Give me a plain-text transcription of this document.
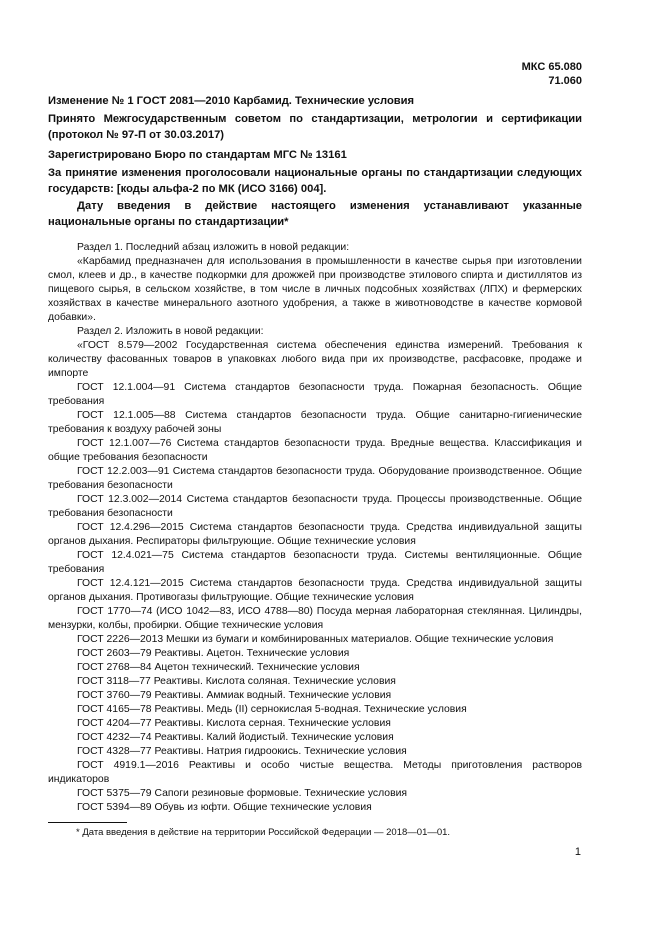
МКС 65.080
71.060
Изменение № 1 ГОСТ 2081—2010 Карбамид. Технические условия
Принято Межгосударственным советом по стандартизации, метрологии и сертификации (протокол № 97-П от 30.03.2017)
Зарегистрировано Бюро по стандартам МГС № 13161
За принятие изменения проголосовали национальные органы по стандартизации следующих государств: [коды альфа-2 по МК (ИСО 3166) 004].
Дату введения в действие настоящего изменения устанавливают указанные национальные органы по стандартизации*

Раздел 1. Последний абзац изложить в новой редакции:

«Карбамид предназначен для использования в промышленности в качестве сырья при изготовлении смол, клеев и др., в качестве подкормки для дрожжей при производстве этилового спирта и дистиллятов из пищевого сырья, в сельском хозяйстве, в том числе в личных подсобных хозяйствах (ЛПХ) и фермерских хозяйствах в качестве минерального азотного удобрения, а также в животноводстве в качестве кормовой добавки».

Раздел 2. Изложить в новой редакции:

«ГОСТ 8.579—2002 Государственная система обеспечения единства измерений. Требования к количеству фасованных товаров в упаковках любого вида при их производстве, расфасовке, продаже и импорте

ГОСТ 12.1.004—91 Система стандартов безопасности труда. Пожарная безопасность. Общие требования

ГОСТ 12.1.005—88 Система стандартов безопасности труда. Общие санитарно-гигиенические требования к воздуху рабочей зоны

ГОСТ 12.1.007—76 Система стандартов безопасности труда. Вредные вещества. Классификация и общие требования безопасности

ГОСТ 12.2.003—91 Система стандартов безопасности труда. Оборудование производственное. Общие требования безопасности

ГОСТ 12.3.002—2014 Система стандартов безопасности труда. Процессы производственные. Общие требования безопасности

ГОСТ 12.4.296—2015 Система стандартов безопасности труда. Средства индивидуальной защиты органов дыхания. Респираторы фильтрующие. Общие технические условия

ГОСТ 12.4.021—75 Система стандартов безопасности труда. Системы вентиляционные. Общие требования

ГОСТ 12.4.121—2015 Система стандартов безопасности труда. Средства индивидуальной защиты органов дыхания. Противогазы фильтрующие. Общие технические условия

ГОСТ 1770—74 (ИСО 1042—83, ИСО 4788—80) Посуда мерная лабораторная стеклянная. Цилиндры, мензурки, колбы, пробирки. Общие технические условия

ГОСТ 2226—2013 Мешки из бумаги и комбинированных материалов. Общие технические условия

ГОСТ 2603—79 Реактивы. Ацетон. Технические условия

ГОСТ 2768—84 Ацетон технический. Технические условия

ГОСТ 3118—77 Реактивы. Кислота соляная. Технические условия

ГОСТ 3760—79 Реактивы. Аммиак водный. Технические условия

ГОСТ 4165—78 Реактивы. Медь (II) сернокислая 5-водная. Технические условия

ГОСТ 4204—77 Реактивы. Кислота серная. Технические условия

ГОСТ 4232—74 Реактивы. Калий йодистый. Технические условия

ГОСТ 4328—77 Реактивы. Натрия гидроокись. Технические условия

ГОСТ 4919.1—2016 Реактивы и особо чистые вещества. Методы приготовления растворов индикаторов

ГОСТ 5375—79 Сапоги резиновые формовые. Технические условия

ГОСТ 5394—89 Обувь из юфти. Общие технические условия

* Дата введения в действие на территории Российской Федерации — 2018—01—01.
1
